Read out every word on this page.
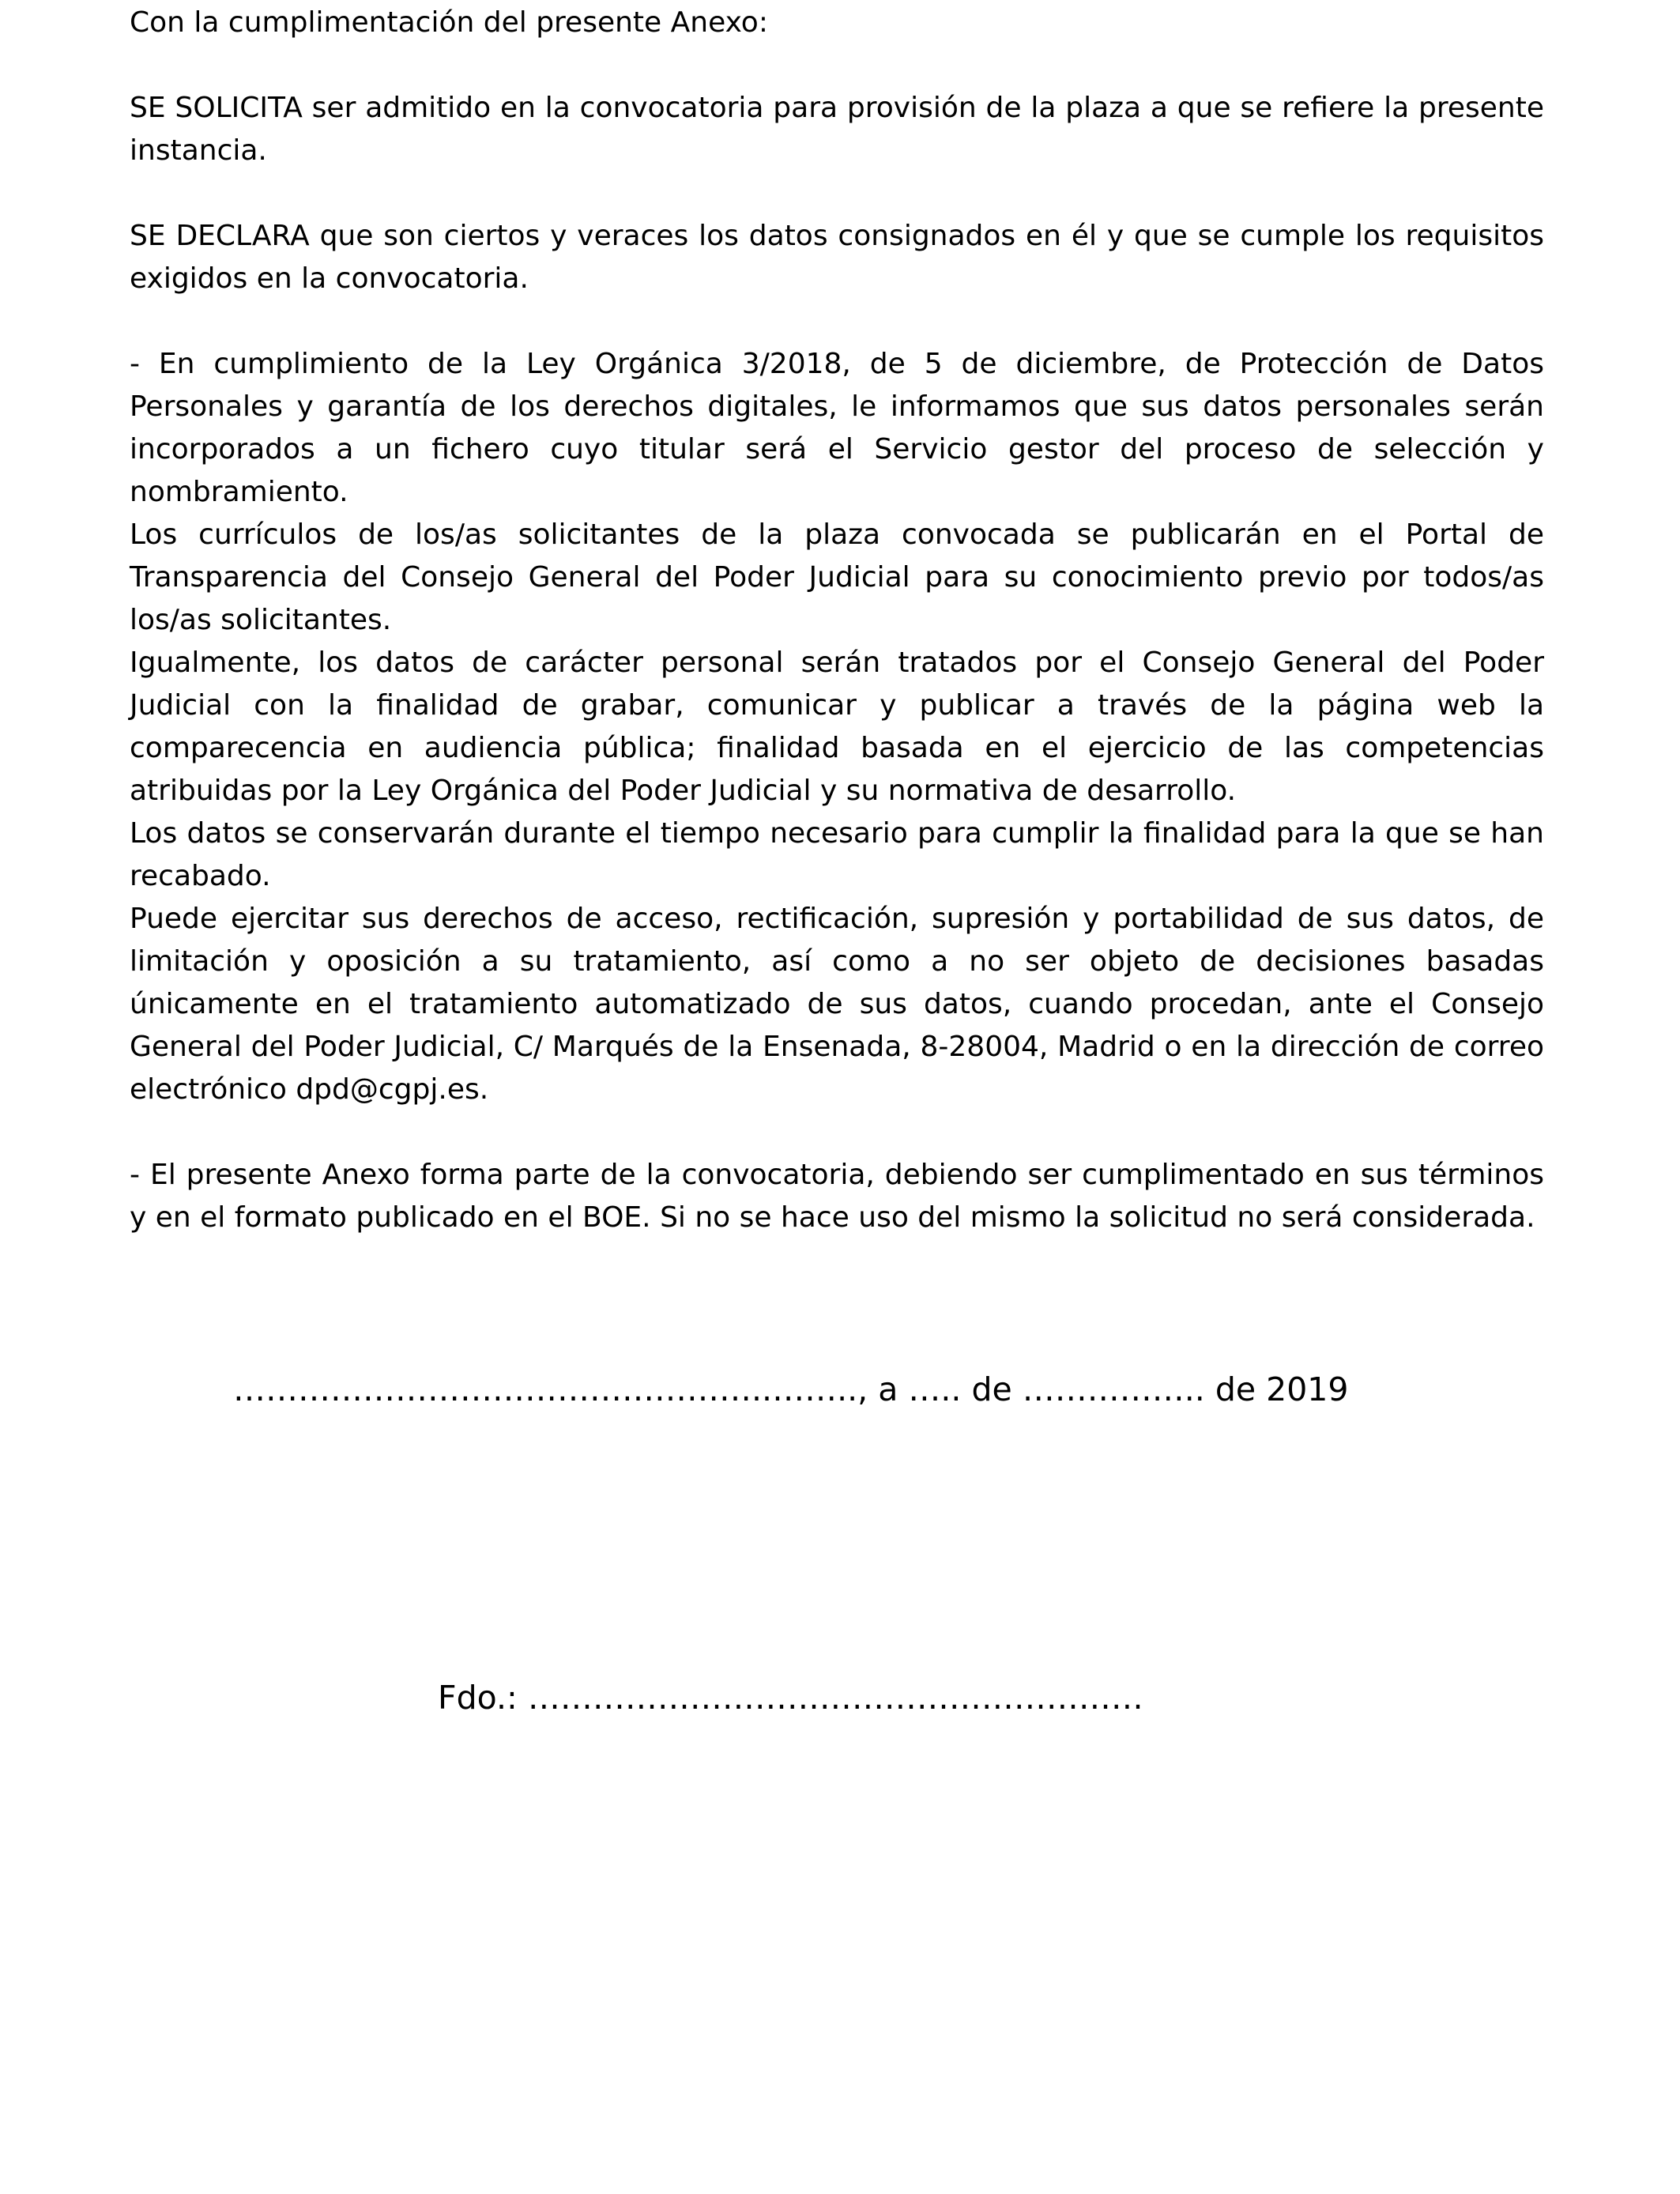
Con la cumplimentación del presente Anexo:

SE SOLICITA ser admitido en la convocatoria para provisión de la plaza a que se refiere la presente instancia.

SE DECLARA que son ciertos y veraces los datos consignados en él y que se cumple los requisitos exigidos en la convocatoria.

- En cumplimiento de la Ley Orgánica 3/2018, de 5 de diciembre, de Protección de Datos Personales y garantía de los derechos digitales, le informamos que sus datos personales serán incorporados a un fichero cuyo titular será el Servicio gestor del proceso de selección y nombramiento.

Los currículos de los/as solicitantes de la plaza convocada se publicarán en el Portal de Transparencia del Consejo General del Poder Judicial para su conocimiento previo por todos/as los/as solicitantes.

Igualmente, los datos de carácter personal serán tratados por el Consejo General del Poder Judicial con la finalidad de grabar, comunicar y publicar a través de la página web la comparecencia en audiencia pública; finalidad basada en el ejercicio de las competencias atribuidas por la Ley Orgánica del Poder Judicial y su normativa de desarrollo.

Los datos se conservarán durante el tiempo necesario para cumplir la finalidad para la que se han recabado.

Puede ejercitar sus derechos de acceso, rectificación, supresión y portabilidad de sus datos, de limitación y oposición a su tratamiento, así como a no ser objeto de decisiones basadas únicamente en el tratamiento automatizado de sus datos, cuando procedan, ante el Consejo General del Poder Judicial, C/ Marqués de la Ensenada, 8-28004, Madrid o en la dirección de correo electrónico dpd@cgpj.es.

- El presente Anexo forma parte de la convocatoria, debiendo ser cumplimentado en sus términos y en el formato publicado en el BOE. Si no se hace uso del mismo la solicitud no será considerada.

…………………………………………..…….., a ….. de …………….. de 2019
Fdo.: …………………………………………………
